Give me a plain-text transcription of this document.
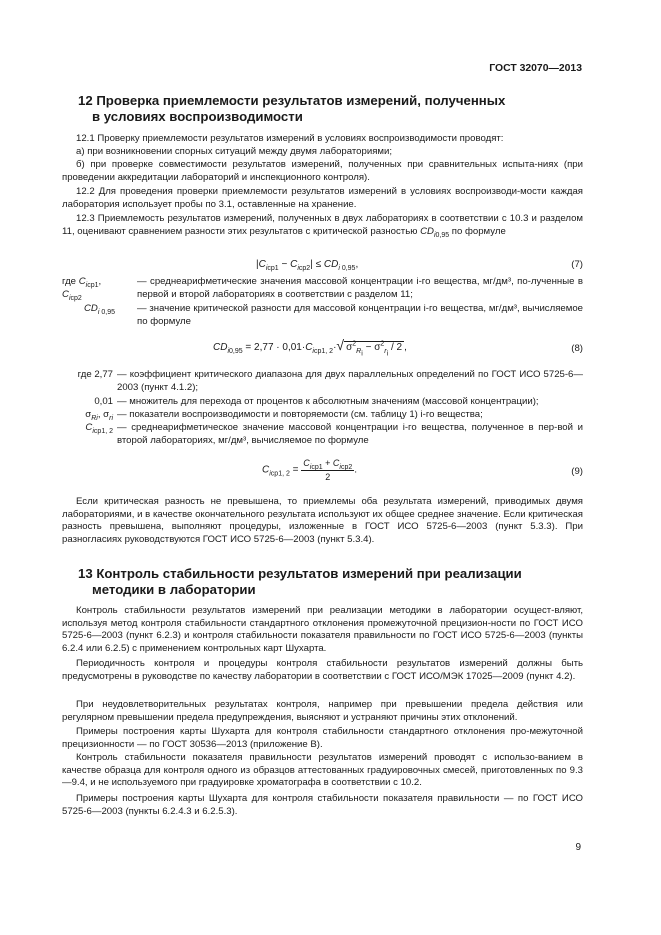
ГОСТ 32070—2013
12 Проверка приемлемости результатов измерений, полученных
в условиях воспроизводимости
12.1 Проверку приемлемости результатов измерений в условиях воспроизводимости проводят:
а) при возникновении спорных ситуаций между двумя лабораториями;
б) при проверке совместимости результатов измерений, полученных при сравнительных испыта-ниях (при проведении аккредитации лабораторий и инспекционного контроля).
12.2 Для проведения проверки приемлемости результатов измерений в условиях воспроизводи-мости каждая лаборатория использует пробы по 3.1, оставленные на хранение.
12.3 Приемлемость результатов измерений, полученных в двух лабораториях в соответствии с 10.3 и разделом 11, оценивают сравнением разности этих результатов с критической разностью $CD_{i0,95}$ по формуле
$|C_{iср1} - C_{iср2}| \le CD_{i 0,95}$,	(7)
где $C_{iср1}$, $C_{iср2}$
— среднеарифметические значения массовой концентрации i-го вещества, мг/дм³, по-лученные в первой и второй лабораториях в соответствии с разделом 11;
$CD_{i 0,95}$ — значение критической разности для массовой концентрации i-го вещества, мг/дм³, вычисляемое по формуле
$CD_{i0,95} = 2,77 \cdot 0,01\cdot C_{iср1, 2}\cdot√$ $\sigma^2_{R_i} - \sigma^2_{r_i} / 2$ ,	(8)
где 2,77 — коэффициент критического диапазона для двух параллельных определений по ГОСТ ИСО 5725-6—2003 (пункт 4.1.2);
0,01 — множитель для перехода от процентов к абсолютным значениям (массовой концентрации);
$\sigma_{Ri}$, $\sigma_{ri}$ — показатели воспроизводимости и повторяемости (см. таблицу 1) i-го вещества;
$C_{iср1, 2}$ — среднеарифметическое значение массовой концентрации i-го вещества, полученное в пер-вой и второй лабораториях, мг/дм³, вычисляемое по формуле
$C_{iср1, 2} = \frac{C_{iср1} + C_{iср2}}{2}$ .	(9)
Если критическая разность не превышена, то приемлемы оба результата измерений, приводимых двумя лабораториями, и в качестве окончательного результата используют их общее среднее значение. Если критическая разность превышена, выполняют процедуры, изложенные в ГОСТ ИСО 5725-6—2003 (пункт 5.3.3). При разногласиях руководствуются ГОСТ ИСО 5725-6—2003 (пункт 5.3.4).
13 Контроль стабильности результатов измерений при реализации
методики в лаборатории
Контроль стабильности результатов измерений при реализации методики в лаборатории осущест-вляют, используя метод контроля стабильности стандартного отклонения промежуточной прецизион-ности по ГОСТ ИСО 5725-6—2003 (пункт 6.2.3) и контроля стабильности показателя правильности по ГОСТ ИСО 5725-6—2003 (пункты 6.2.4 или 6.2.5) с применением контрольных карт Шухарта.
Периодичность контроля и процедуры контроля стабильности результатов измерений должны быть предусмотрены в руководстве по качеству лаборатории в соответствии с ГОСТ ИСО/МЭК 17025—2009 (пункт 4.2).
При неудовлетворительных результатах контроля, например при превышении предела действия или регулярном превышении предела предупреждения, выясняют и устраняют причины этих отклонений.
Примеры построения карты Шухарта для контроля стабильности стандартного отклонения про-межуточной прецизионности — по ГОСТ 30536—2013 (приложение В).
Контроль стабильности показателя правильности результатов измерений проводят с использо-ванием в качестве образца для контроля одного из образцов аттестованных градуировочных смесей, приготовленных по 9.3—9.4, и не используемого при градуировке хроматографа в соответствии с 10.2.
Примеры построения карты Шухарта для контроля стабильности показателя правильности — по ГОСТ ИСО 5725-6—2003 (пункты 6.2.4.3 и 6.2.5.3).
9
